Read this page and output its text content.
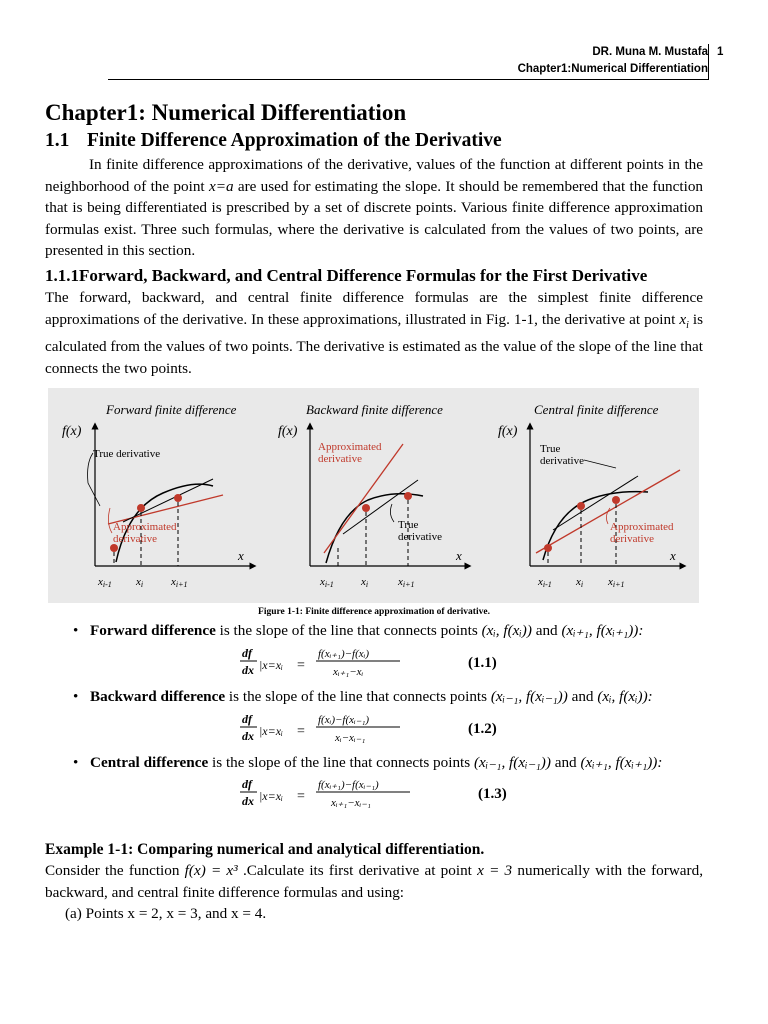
DR. Muna M. Mustafa
Chapter1:Numerical Differentiation
1
Chapter1: Numerical Differentiation
1.1 Finite Difference Approximation of the Derivative

In finite difference approximations of the derivative, values of the function at different points in the neighborhood of the point x=a are used for estimating the slope. It should be remembered that the function that is being differentiated is prescribed by a set of discrete points. Various finite difference approximation formulas exist. Three such formulas, where the derivative is calculated from the values of two points, are presented in this section.

1.1.1Forward, Backward, and Central Difference Formulas for the First Derivative

The forward, backward, and central finite difference formulas are the simplest finite difference approximations of the derivative. In these approximations, illustrated in Fig. 1-1, the derivative at point $x_i$ is calculated from the values of two points. The derivative is estimated as the value of the slope of the line that connects the two points.

Forward finite difference
f(x)
x
True derivative
Approximated
derivative
xi-1 xi	xi+1
Backward finite difference
f(x)
x
Approximated
derivative
True
derivative
xi-1 xi	xi+1
Central finite difference
f(x)
x
True
derivative
Approximated
derivative
xi-1 xi xi+1
Figure 1-1: Finite difference approximation of derivative.
• Forward difference is the slope of the line that connects points (xᵢ, f(xᵢ)) and (xᵢ₊₁, f(xᵢ₊₁)):
df
dx |x=xᵢ =
f(xᵢ₊₁)−f(xᵢ)
xᵢ₊₁−xᵢ
(1.1)
• Backward difference is the slope of the line that connects points (xᵢ₋₁, f(xᵢ₋₁)) and (xᵢ, f(xᵢ)):
df
dx |x=xᵢ =
f(xᵢ)−f(xᵢ₋₁)
xᵢ−xᵢ₋₁
(1.2)
• Central difference is the slope of the line that connects points (xᵢ₋₁, f(xᵢ₋₁)) and (xᵢ₊₁, f(xᵢ₊₁)):
df
dx |x=xᵢ =
f(xᵢ₊₁)−f(xᵢ₋₁)
xᵢ₊₁−xᵢ₋₁
(1.3)
Example 1-1: Comparing numerical and analytical differentiation.

Consider the function f(x) = x³ .Calculate its first derivative at point x = 3 numerically with the forward, backward, and central finite difference formulas and using:

(a) Points x = 2, x = 3, and x = 4.
